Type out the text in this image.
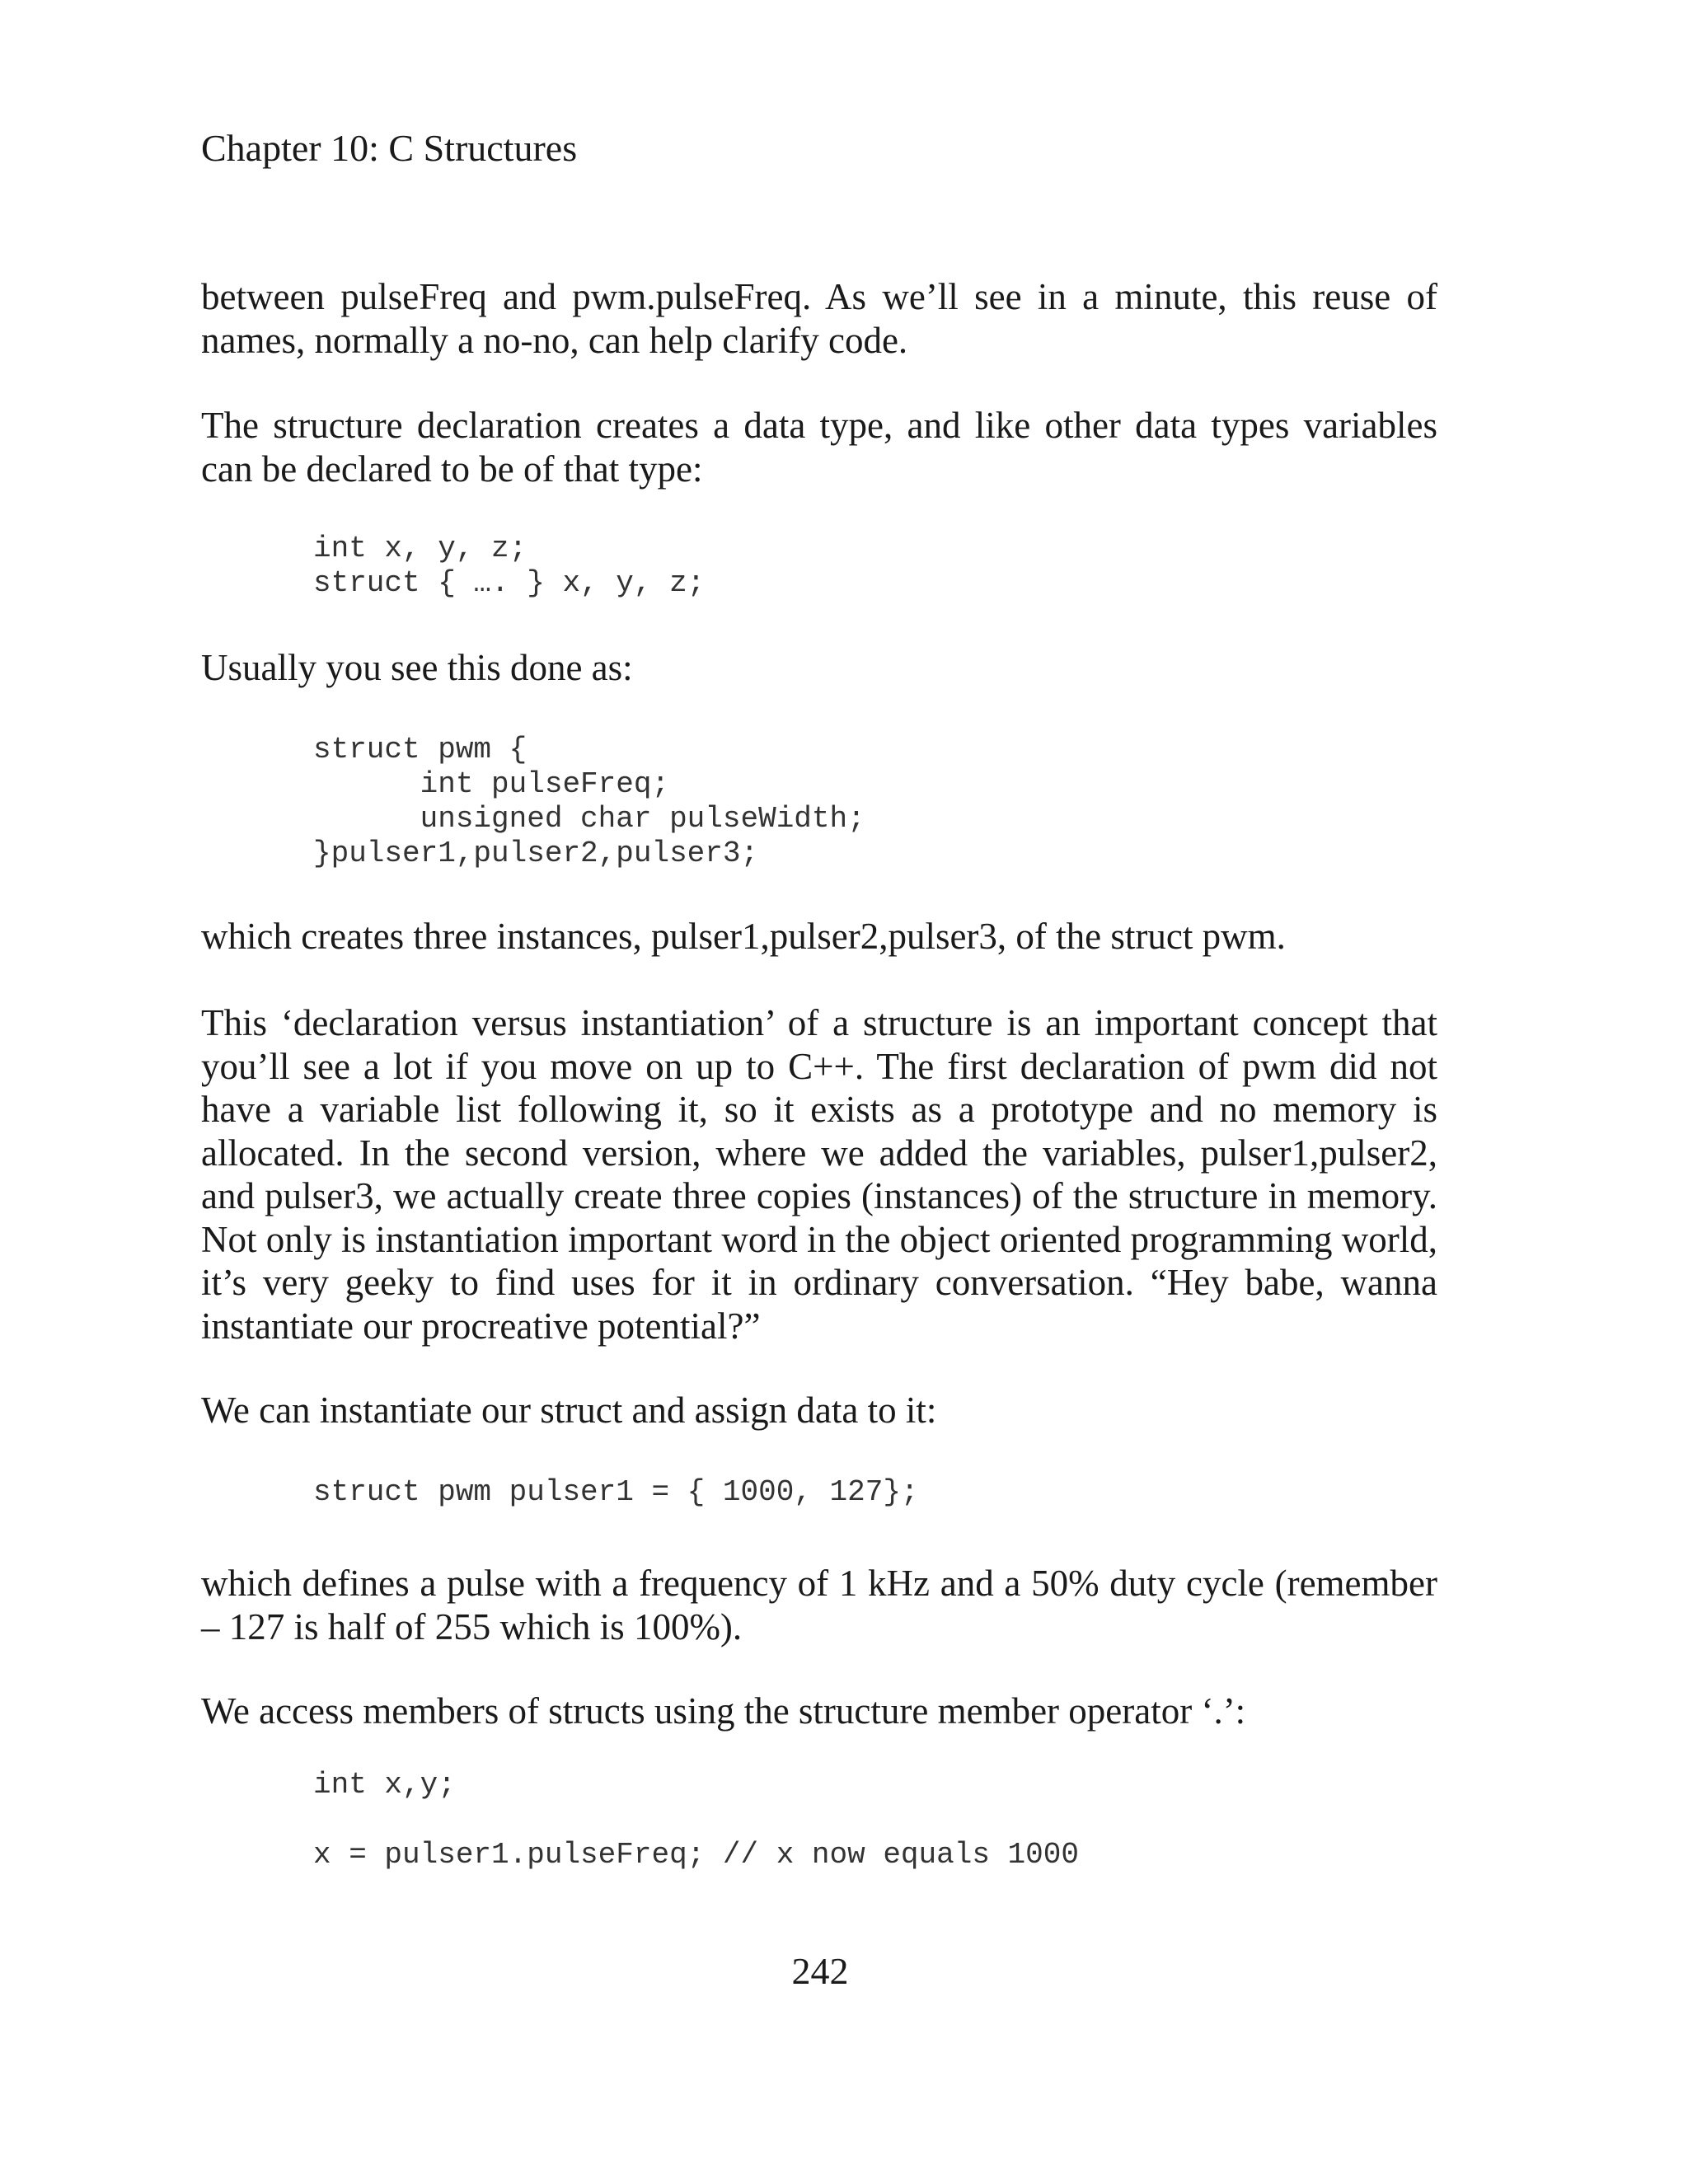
Chapter 10: C Structures

between pulseFreq and pwm.pulseFreq. As we’ll see in a minute, this reuse of names, normally a no-no, can help clarify code.

The structure declaration creates a data type, and like other data types variables can be declared to be of that type:

int x, y, z;
struct { …. } x, y, z;

Usually you see this done as:

struct pwm {
int pulseFreq;
unsigned char pulseWidth;
}pulser1,pulser2,pulser3;

which creates three instances, pulser1,pulser2,pulser3, of the struct pwm.

This ‘declaration versus instantiation’ of a structure is an important concept that you’ll see a lot if you move on up to C++. The first declaration of pwm did not have a variable list following it, so it exists as a prototype and no memory is allocated. In the second version, where we added the variables, pulser1,pulser2, and pulser3, we actually create three copies (instances) of the structure in memory. Not only is instantiation important word in the object oriented programming world, it’s very geeky to find uses for it in ordinary conversation. “Hey babe, wanna instantiate our procreative potential?”

We can instantiate our struct and assign data to it:

struct pwm pulser1 = { 1000, 127};

which defines a pulse with a frequency of 1 kHz and a 50% duty cycle (remember – 127 is half of 255 which is 100%).

We access members of structs using the structure member operator ‘.’:

int x,y;
x = pulser1.pulseFreq; // x now equals 1000
242
